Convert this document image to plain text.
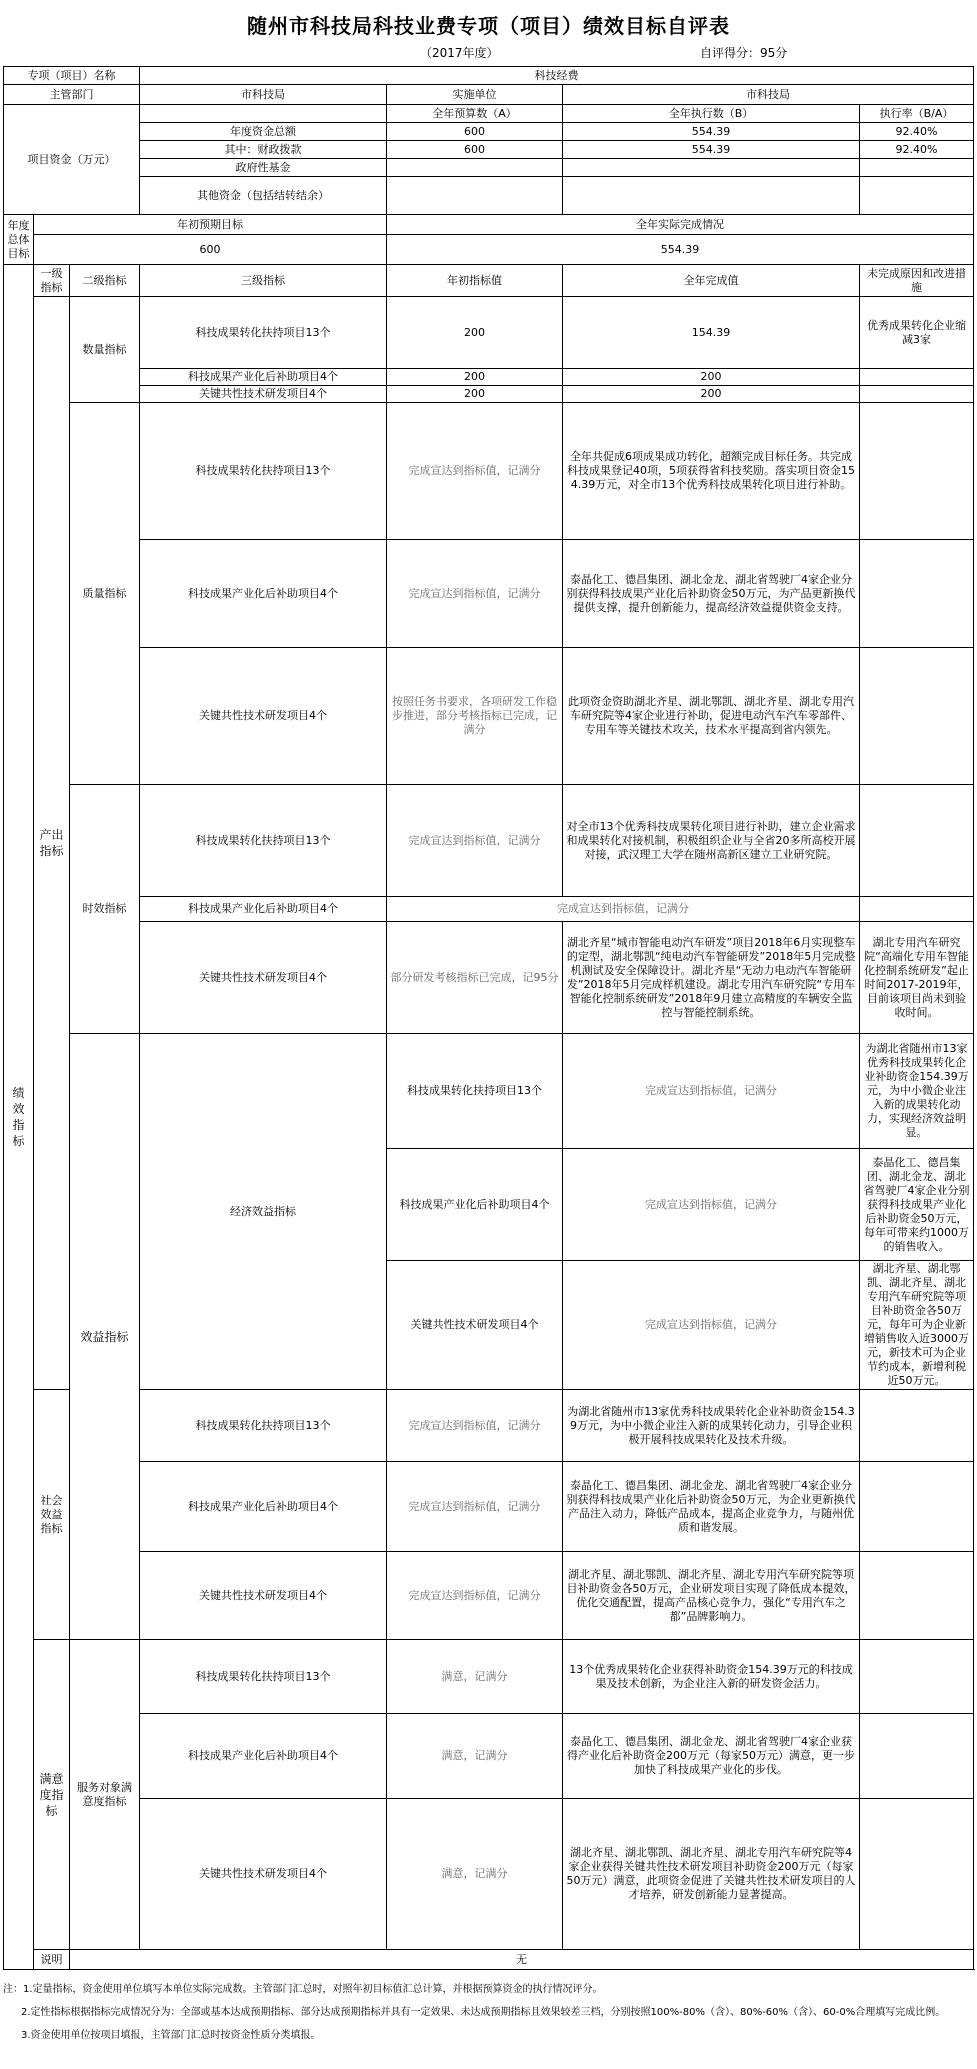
随州市科技局科技业费专项（项目）绩效目标自评表
（2017年度）	自评得分：95分
专项（项目）名称			科技经费				
主管部门			市科技局	实施单位	市科技局		
项目资金（万元）				全年预算数（A）	全年执行数（B）	执行率（B/A）	
			年度资金总额	600	554.39	92.40%	
			其中：财政拨款	600	554.39	92.40%	
			政府性基金				
			其他资金（包括结转结余）				
年度总体目标	年初预期目标			全年实际完成情况			
	600			554.39			
绩效指标	一级指标	二级指标	三级指标	年初指标值	全年完成值	未完成原因和改进措施	
	产出指标	数量指标	科技成果转化扶持项目13个	200	154.39	优秀成果转化企业缩减3家	
			科技成果产业化后补助项目4个	200	200		
			关键共性技术研发项目4个	200	200		
		质量指标	科技成果转化扶持项目13个	完成宣达到指标值，记满分	全年共促成6项成果成功转化，超额完成目标任务。共完成科技成果登记40项，5项获得省科技奖励。落实项目资金154.39万元，对全市13个优秀科技成果转化项目进行补助。		
			科技成果产业化后补助项目4个	完成宣达到指标值，记满分	泰晶化工、德昌集团、湖北金龙、湖北省驾驶厂4家企业分别获得科技成果产业化后补助资金50万元，为产品更新换代提供支撑，提升创新能力，提高经济效益提供资金支持。		
			关键共性技术研发项目4个	按照任务书要求，各项研发工作稳步推进，部分考核指标已完成，记满分	此项资金资助湖北齐星、湖北鄂凯、湖北齐星、湖北专用汽车研究院等4家企业进行补助，促进电动汽车汽车零部件、专用车等关键技术攻关，技术水平提高到省内领先。		
		时效指标	科技成果转化扶持项目13个	完成宣达到指标值，记满分	对全市13个优秀科技成果转化项目进行补助，建立企业需求和成果转化对接机制，积极组织企业与全省20多所高校开展对接，武汉理工大学在随州高新区建立工业研究院。		
			科技成果产业化后补助项目4个	完成宣达到指标值，记满分			
			关键共性技术研发项目4个	部分研发考核指标已完成，记95分	湖北齐星“城市智能电动汽车研发”项目2018年6月实现整车的定型，湖北鄂凯“纯电动汽车智能研发”2018年5月完成整机测试及安全保障设计。湖北齐星“无动力电动汽车智能研发”2018年5月完成样机建设。湖北专用汽车研究院“专用车智能化控制系统研发”2018年9月建立高精度的车辆安全监控与智能控制系统。	湖北专用汽车研究院“高端化专用车智能化控制系统研发”起止时间2017-2019年，目前该项目尚未到验收时间。	
		效益指标	经济效益指标	科技成果转化扶持项目13个	完成宣达到指标值，记满分	为湖北省随州市13家优秀科技成果转化企业补助资金154.39万元，为中小微企业注入新的成果转化动力，实现经济效益明显。	
				科技成果产业化后补助项目4个	完成宣达到指标值，记满分	泰晶化工、德昌集团、湖北金龙、湖北省驾驶厂4家企业分别获得科技成果产业化后补助资金50万元，每年可带来约1000万的销售收入。	
				关键共性技术研发项目4个	完成宣达到指标值，记满分	湖北齐星、湖北鄂凯、湖北齐星、湖北专用汽车研究院等项目补助资金各50万元，每年可为企业新增销售收入近3000万元，新技术可为企业节约成本，新增利税近50万元。	
	社会效益指标		科技成果转化扶持项目13个	完成宣达到指标值，记满分	为湖北省随州市13家优秀科技成果转化企业补助资金154.39万元，为中小微企业注入新的成果转化动力，引导企业积极开展科技成果转化及技术升级。		
			科技成果产业化后补助项目4个	完成宣达到指标值，记满分	泰晶化工、德昌集团、湖北金龙、湖北省驾驶厂4家企业分别获得科技成果产业化后补助资金50万元，为企业更新换代产品注入动力，降低产品成本，提高企业竞争力，与随州优质和谐发展。		
			关键共性技术研发项目4个	完成宣达到指标值，记满分	湖北齐星、湖北鄂凯、湖北齐星、湖北专用汽车研究院等项目补助资金各50万元，企业研发项目实现了降低成本提效，优化交通配置，提高产品核心竞争力，强化“专用汽车之都”品牌影响力。		
	满意度指标	服务对象满意度指标	科技成果转化扶持项目13个	满意，记满分	13个优秀成果转化企业获得补助资金154.39万元的科技成果及技术创新，为企业注入新的研发资金活力。		
			科技成果产业化后补助项目4个	满意，记满分	泰晶化工、德昌集团、湖北金龙、湖北省驾驶厂4家企业获得产业化后补助资金200万元（每家50万元）满意，更一步加快了科技成果产业化的步伐。		
			关键共性技术研发项目4个	满意，记满分	湖北齐星、湖北鄂凯、湖北齐星、湖北专用汽车研究院等4家企业获得关键共性技术研发项目补助资金200万元（每家50万元）满意，此项资金促进了关键共性技术研发项目的人才培养，研发创新能力显著提高。		
	说明	无					

注：1.定量指标，资金使用单位填写本单位实际完成数。主管部门汇总时，对照年初目标值汇总计算，并根据预算资金的执行情况评分。

2.定性指标根据指标完成情况分为：全部或基本达成预期指标、部分达成预期指标并具有一定效果、未达成预期指标且效果较差三档，分别按照100%-80%（含）、80%-60%（含）、60-0%合理填写完成比例。

3.资金使用单位按项目填报，主管部门汇总时按资金性质分类填报。
